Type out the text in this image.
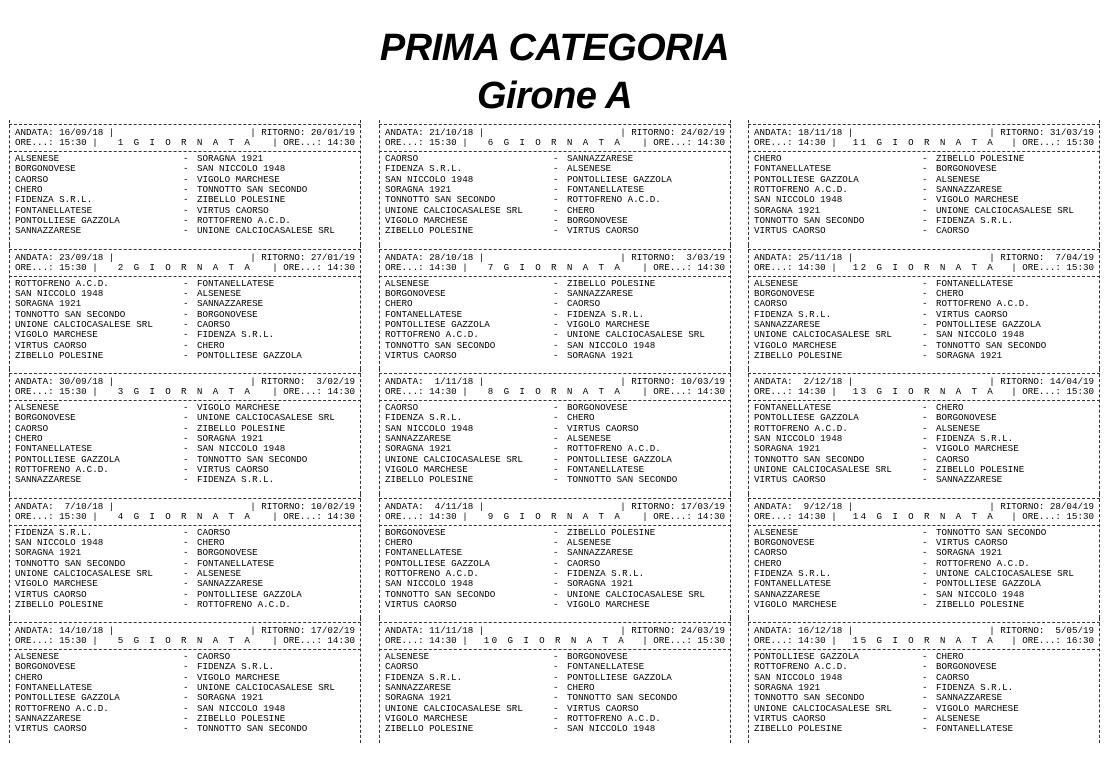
PRIMA CATEGORIA
Girone A
ANDATA: 16/09/18 |	| RITORNO: 20/01/19
ORE...: 15:30 |	1 G I O R N A T A	| ORE...: 14:30
ALSENESE	- SORAGNA 1921
BORGONOVESE	- SAN NICCOLO 1948
CAORSO	- VIGOLO MARCHESE
CHERO	- TONNOTTO SAN SECONDO
FIDENZA S.R.L.	- ZIBELLO POLESINE
FONTANELLATESE	- VIRTUS CAORSO
PONTOLLIESE GAZZOLA	- ROTTOFRENO A.C.D.
SANNAZZARESE	- UNIONE CALCIOCASALESE SRL
ANDATA: 23/09/18 |	| RITORNO: 27/01/19
ORE...: 15:30 |	2 G I O R N A T A	| ORE...: 14:30
ROTTOFRENO A.C.D.	- FONTANELLATESE
SAN NICCOLO 1948	- ALSENESE
SORAGNA 1921	- SANNAZZARESE
TONNOTTO SAN SECONDO	- BORGONOVESE
UNIONE CALCIOCASALESE SRL	- CAORSO
VIGOLO MARCHESE	- FIDENZA S.R.L.
VIRTUS CAORSO	- CHERO
ZIBELLO POLESINE	- PONTOLLIESE GAZZOLA
ANDATA: 30/09/18 |	| RITORNO:  3/02/19
ORE...: 15:30 |	3 G I O R N A T A	| ORE...: 14:30
ALSENESE	- VIGOLO MARCHESE
BORGONOVESE	- UNIONE CALCIOCASALESE SRL
CAORSO	- ZIBELLO POLESINE
CHERO	- SORAGNA 1921
FONTANELLATESE	- SAN NICCOLO 1948
PONTOLLIESE GAZZOLA	- TONNOTTO SAN SECONDO
ROTTOFRENO A.C.D.	- VIRTUS CAORSO
SANNAZZARESE	- FIDENZA S.R.L.
ANDATA:  7/10/18 |	| RITORNO: 10/02/19
ORE...: 15:30 |	4 G I O R N A T A	| ORE...: 14:30
FIDENZA S.R.L.	- CAORSO
SAN NICCOLO 1948	- CHERO
SORAGNA 1921	- BORGONOVESE
TONNOTTO SAN SECONDO	- FONTANELLATESE
UNIONE CALCIOCASALESE SRL	- ALSENESE
VIGOLO MARCHESE	- SANNAZZARESE
VIRTUS CAORSO	- PONTOLLIESE GAZZOLA
ZIBELLO POLESINE	- ROTTOFRENO A.C.D.
ANDATA: 14/10/18 |	| RITORNO: 17/02/19
ORE...: 15:30 |	5 G I O R N A T A	| ORE...: 14:30
ALSENESE	- CAORSO
BORGONOVESE	- FIDENZA S.R.L.
CHERO	- VIGOLO MARCHESE
FONTANELLATESE	- UNIONE CALCIOCASALESE SRL
PONTOLLIESE GAZZOLA	- SORAGNA 1921
ROTTOFRENO A.C.D.	- SAN NICCOLO 1948
SANNAZZARESE	- ZIBELLO POLESINE
VIRTUS CAORSO	- TONNOTTO SAN SECONDO
ANDATA: 21/10/18 |	| RITORNO: 24/02/19
ORE...: 15:30 |	6 G I O R N A T A	| ORE...: 14:30
CAORSO	- SANNAZZARESE
FIDENZA S.R.L.	- ALSENESE
SAN NICCOLO 1948	- PONTOLLIESE GAZZOLA
SORAGNA 1921	- FONTANELLATESE
TONNOTTO SAN SECONDO	- ROTTOFRENO A.C.D.
UNIONE CALCIOCASALESE SRL	- CHERO
VIGOLO MARCHESE	- BORGONOVESE
ZIBELLO POLESINE	- VIRTUS CAORSO
ANDATA: 28/10/18 |	| RITORNO:  3/03/19
ORE...: 14:30 |	7 G I O R N A T A	| ORE...: 14:30
ALSENESE	- ZIBELLO POLESINE
BORGONOVESE	- SANNAZZARESE
CHERO	- CAORSO
FONTANELLATESE	- FIDENZA S.R.L.
PONTOLLIESE GAZZOLA	- VIGOLO MARCHESE
ROTTOFRENO A.C.D.	- UNIONE CALCIOCASALESE SRL
TONNOTTO SAN SECONDO	- SAN NICCOLO 1948
VIRTUS CAORSO	- SORAGNA 1921
ANDATA:  1/11/18 |	| RITORNO: 10/03/19
ORE...: 14:30 |	8 G I O R N A T A	| ORE...: 14:30
CAORSO	- BORGONOVESE
FIDENZA S.R.L.	- CHERO
SAN NICCOLO 1948	- VIRTUS CAORSO
SANNAZZARESE	- ALSENESE
SORAGNA 1921	- ROTTOFRENO A.C.D.
UNIONE CALCIOCASALESE SRL	- PONTOLLIESE GAZZOLA
VIGOLO MARCHESE	- FONTANELLATESE
ZIBELLO POLESINE	- TONNOTTO SAN SECONDO
ANDATA:  4/11/18 |	| RITORNO: 17/03/19
ORE...: 14:30 |	9 G I O R N A T A	| ORE...: 14:30
BORGONOVESE	- ZIBELLO POLESINE
CHERO	- ALSENESE
FONTANELLATESE	- SANNAZZARESE
PONTOLLIESE GAZZOLA	- CAORSO
ROTTOFRENO A.C.D.	- FIDENZA S.R.L.
SAN NICCOLO 1948	- SORAGNA 1921
TONNOTTO SAN SECONDO	- UNIONE CALCIOCASALESE SRL
VIRTUS CAORSO	- VIGOLO MARCHESE
ANDATA: 11/11/18 |	| RITORNO: 24/03/19
ORE...: 14:30 |	10 G I O R N A T A	| ORE...: 15:30
ALSENESE	- BORGONOVESE
CAORSO	- FONTANELLATESE
FIDENZA S.R.L.	- PONTOLLIESE GAZZOLA
SANNAZZARESE	- CHERO
SORAGNA 1921	- TONNOTTO SAN SECONDO
UNIONE CALCIOCASALESE SRL	- VIRTUS CAORSO
VIGOLO MARCHESE	- ROTTOFRENO A.C.D.
ZIBELLO POLESINE	- SAN NICCOLO 1948
ANDATA: 18/11/18 |	| RITORNO: 31/03/19
ORE...: 14:30 |	11 G I O R N A T A	| ORE...: 15:30
CHERO	- ZIBELLO POLESINE
FONTANELLATESE	- BORGONOVESE
PONTOLLIESE GAZZOLA	- ALSENESE
ROTTOFRENO A.C.D.	- SANNAZZARESE
SAN NICCOLO 1948	- VIGOLO MARCHESE
SORAGNA 1921	- UNIONE CALCIOCASALESE SRL
TONNOTTO SAN SECONDO	- FIDENZA S.R.L.
VIRTUS CAORSO	- CAORSO
ANDATA: 25/11/18 |	| RITORNO:  7/04/19
ORE...: 14:30 |	12 G I O R N A T A	| ORE...: 15:30
ALSENESE	- FONTANELLATESE
BORGONOVESE	- CHERO
CAORSO	- ROTTOFRENO A.C.D.
FIDENZA S.R.L.	- VIRTUS CAORSO
SANNAZZARESE	- PONTOLLIESE GAZZOLA
UNIONE CALCIOCASALESE SRL	- SAN NICCOLO 1948
VIGOLO MARCHESE	- TONNOTTO SAN SECONDO
ZIBELLO POLESINE	- SORAGNA 1921
ANDATA:  2/12/18 |	| RITORNO: 14/04/19
ORE...: 14:30 |	13 G I O R N A T A	| ORE...: 15:30
FONTANELLATESE	- CHERO
PONTOLLIESE GAZZOLA	- BORGONOVESE
ROTTOFRENO A.C.D.	- ALSENESE
SAN NICCOLO 1948	- FIDENZA S.R.L.
SORAGNA 1921	- VIGOLO MARCHESE
TONNOTTO SAN SECONDO	- CAORSO
UNIONE CALCIOCASALESE SRL	- ZIBELLO POLESINE
VIRTUS CAORSO	- SANNAZZARESE
ANDATA:  9/12/18 |	| RITORNO: 28/04/19
ORE...: 14:30 |	14 G I O R N A T A	| ORE...: 15:30
ALSENESE	- TONNOTTO SAN SECONDO
BORGONOVESE	- VIRTUS CAORSO
CAORSO	- SORAGNA 1921
CHERO	- ROTTOFRENO A.C.D.
FIDENZA S.R.L.	- UNIONE CALCIOCASALESE SRL
FONTANELLATESE	- PONTOLLIESE GAZZOLA
SANNAZZARESE	- SAN NICCOLO 1948
VIGOLO MARCHESE	- ZIBELLO POLESINE
ANDATA: 16/12/18 |	| RITORNO:  5/05/19
ORE...: 14:30 |	15 G I O R N A T A	| ORE...: 16:30
PONTOLLIESE GAZZOLA	- CHERO
ROTTOFRENO A.C.D.	- BORGONOVESE
SAN NICCOLO 1948	- CAORSO
SORAGNA 1921	- FIDENZA S.R.L.
TONNOTTO SAN SECONDO	- SANNAZZARESE
UNIONE CALCIOCASALESE SRL	- VIGOLO MARCHESE
VIRTUS CAORSO	- ALSENESE
ZIBELLO POLESINE	- FONTANELLATESE
